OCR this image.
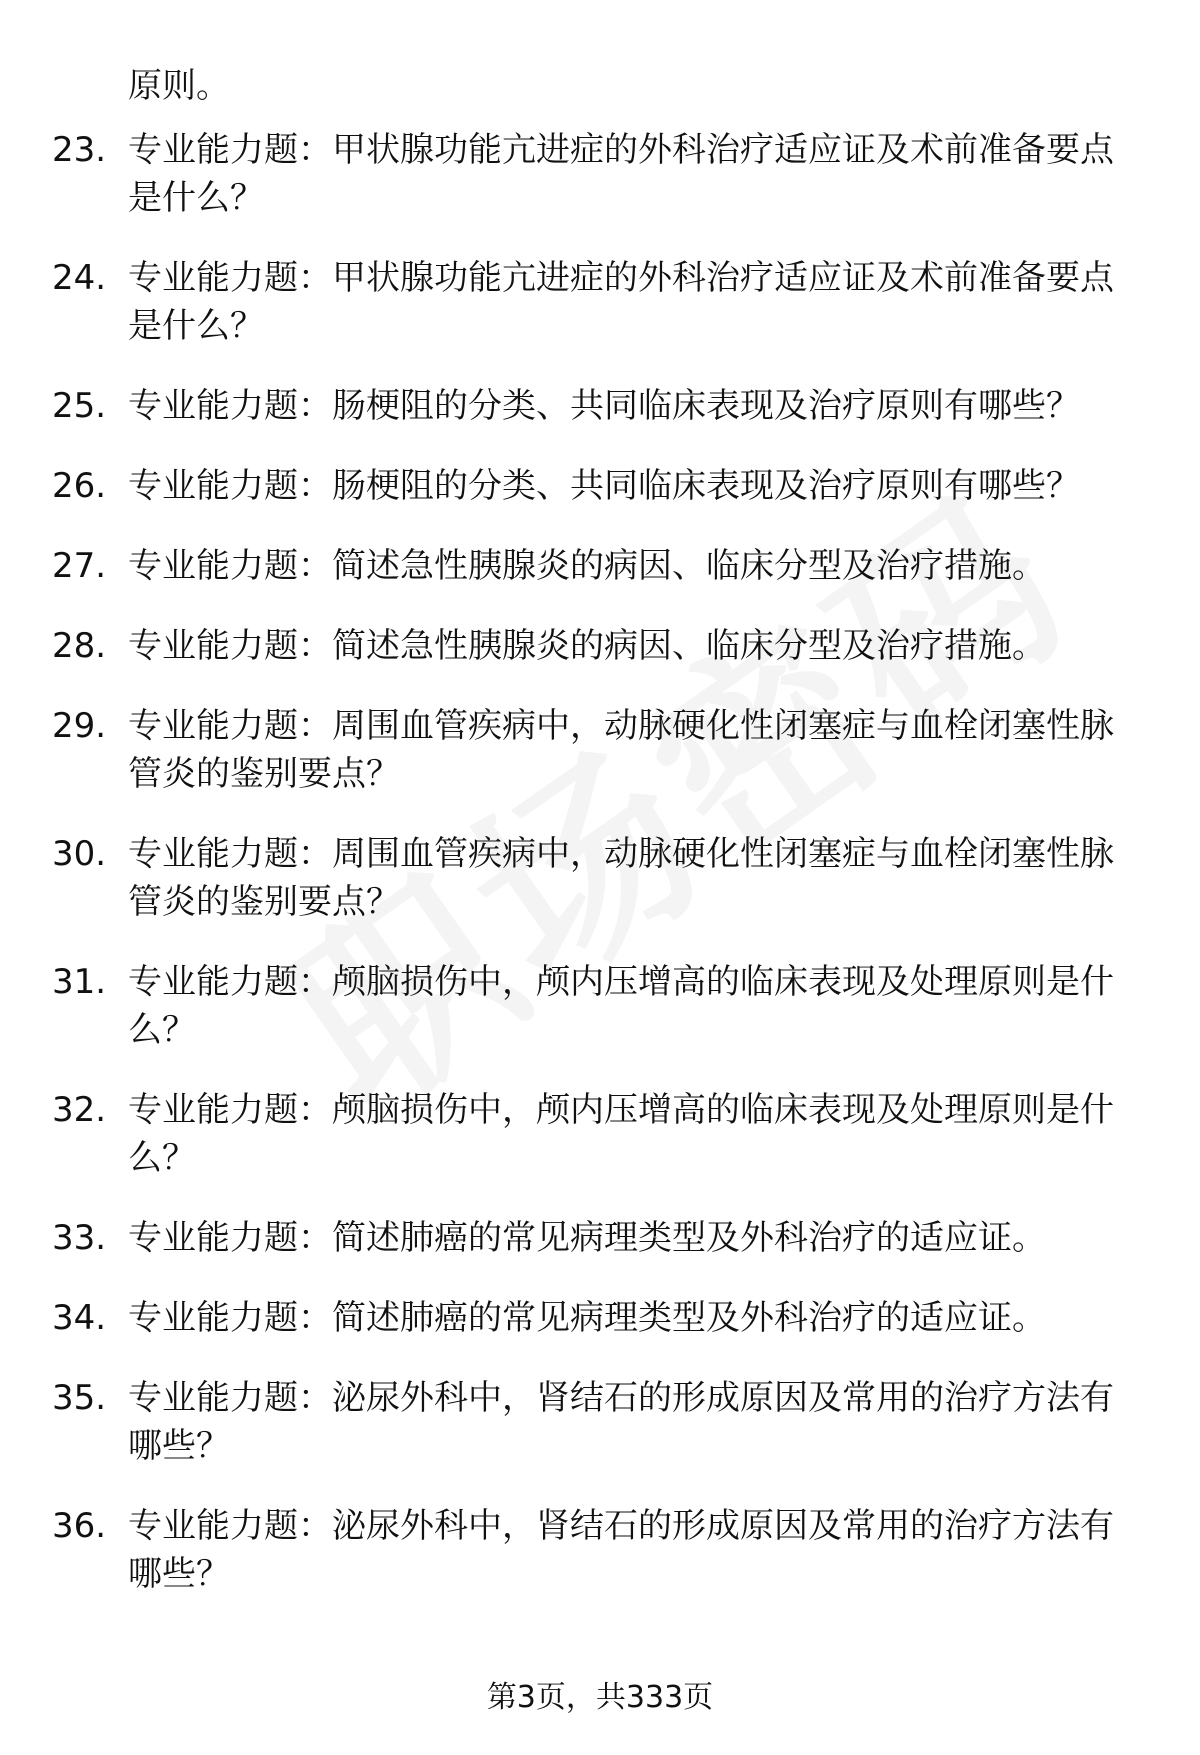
原则。
23. 专业能力题：甲状腺功能亢进症的外科治疗适应证及术前准备要点是什么？
24. 专业能力题：甲状腺功能亢进症的外科治疗适应证及术前准备要点是什么？
25. 专业能力题：肠梗阻的分类、共同临床表现及治疗原则有哪些？
26. 专业能力题：肠梗阻的分类、共同临床表现及治疗原则有哪些？
27. 专业能力题：简述急性胰腺炎的病因、临床分型及治疗措施。
28. 专业能力题：简述急性胰腺炎的病因、临床分型及治疗措施。
29. 专业能力题：周围血管疾病中，动脉硬化性闭塞症与血栓闭塞性脉管炎的鉴别要点？
30. 专业能力题：周围血管疾病中，动脉硬化性闭塞症与血栓闭塞性脉管炎的鉴别要点？
31. 专业能力题：颅脑损伤中，颅内压增高的临床表现及处理原则是什么？
32. 专业能力题：颅脑损伤中，颅内压增高的临床表现及处理原则是什么？
33. 专业能力题：简述肺癌的常见病理类型及外科治疗的适应证。
34. 专业能力题：简述肺癌的常见病理类型及外科治疗的适应证。
35. 专业能力题：泌尿外科中，肾结石的形成原因及常用的治疗方法有哪些？
36. 专业能力题：泌尿外科中，肾结石的形成原因及常用的治疗方法有哪些？
第3页，共333页
